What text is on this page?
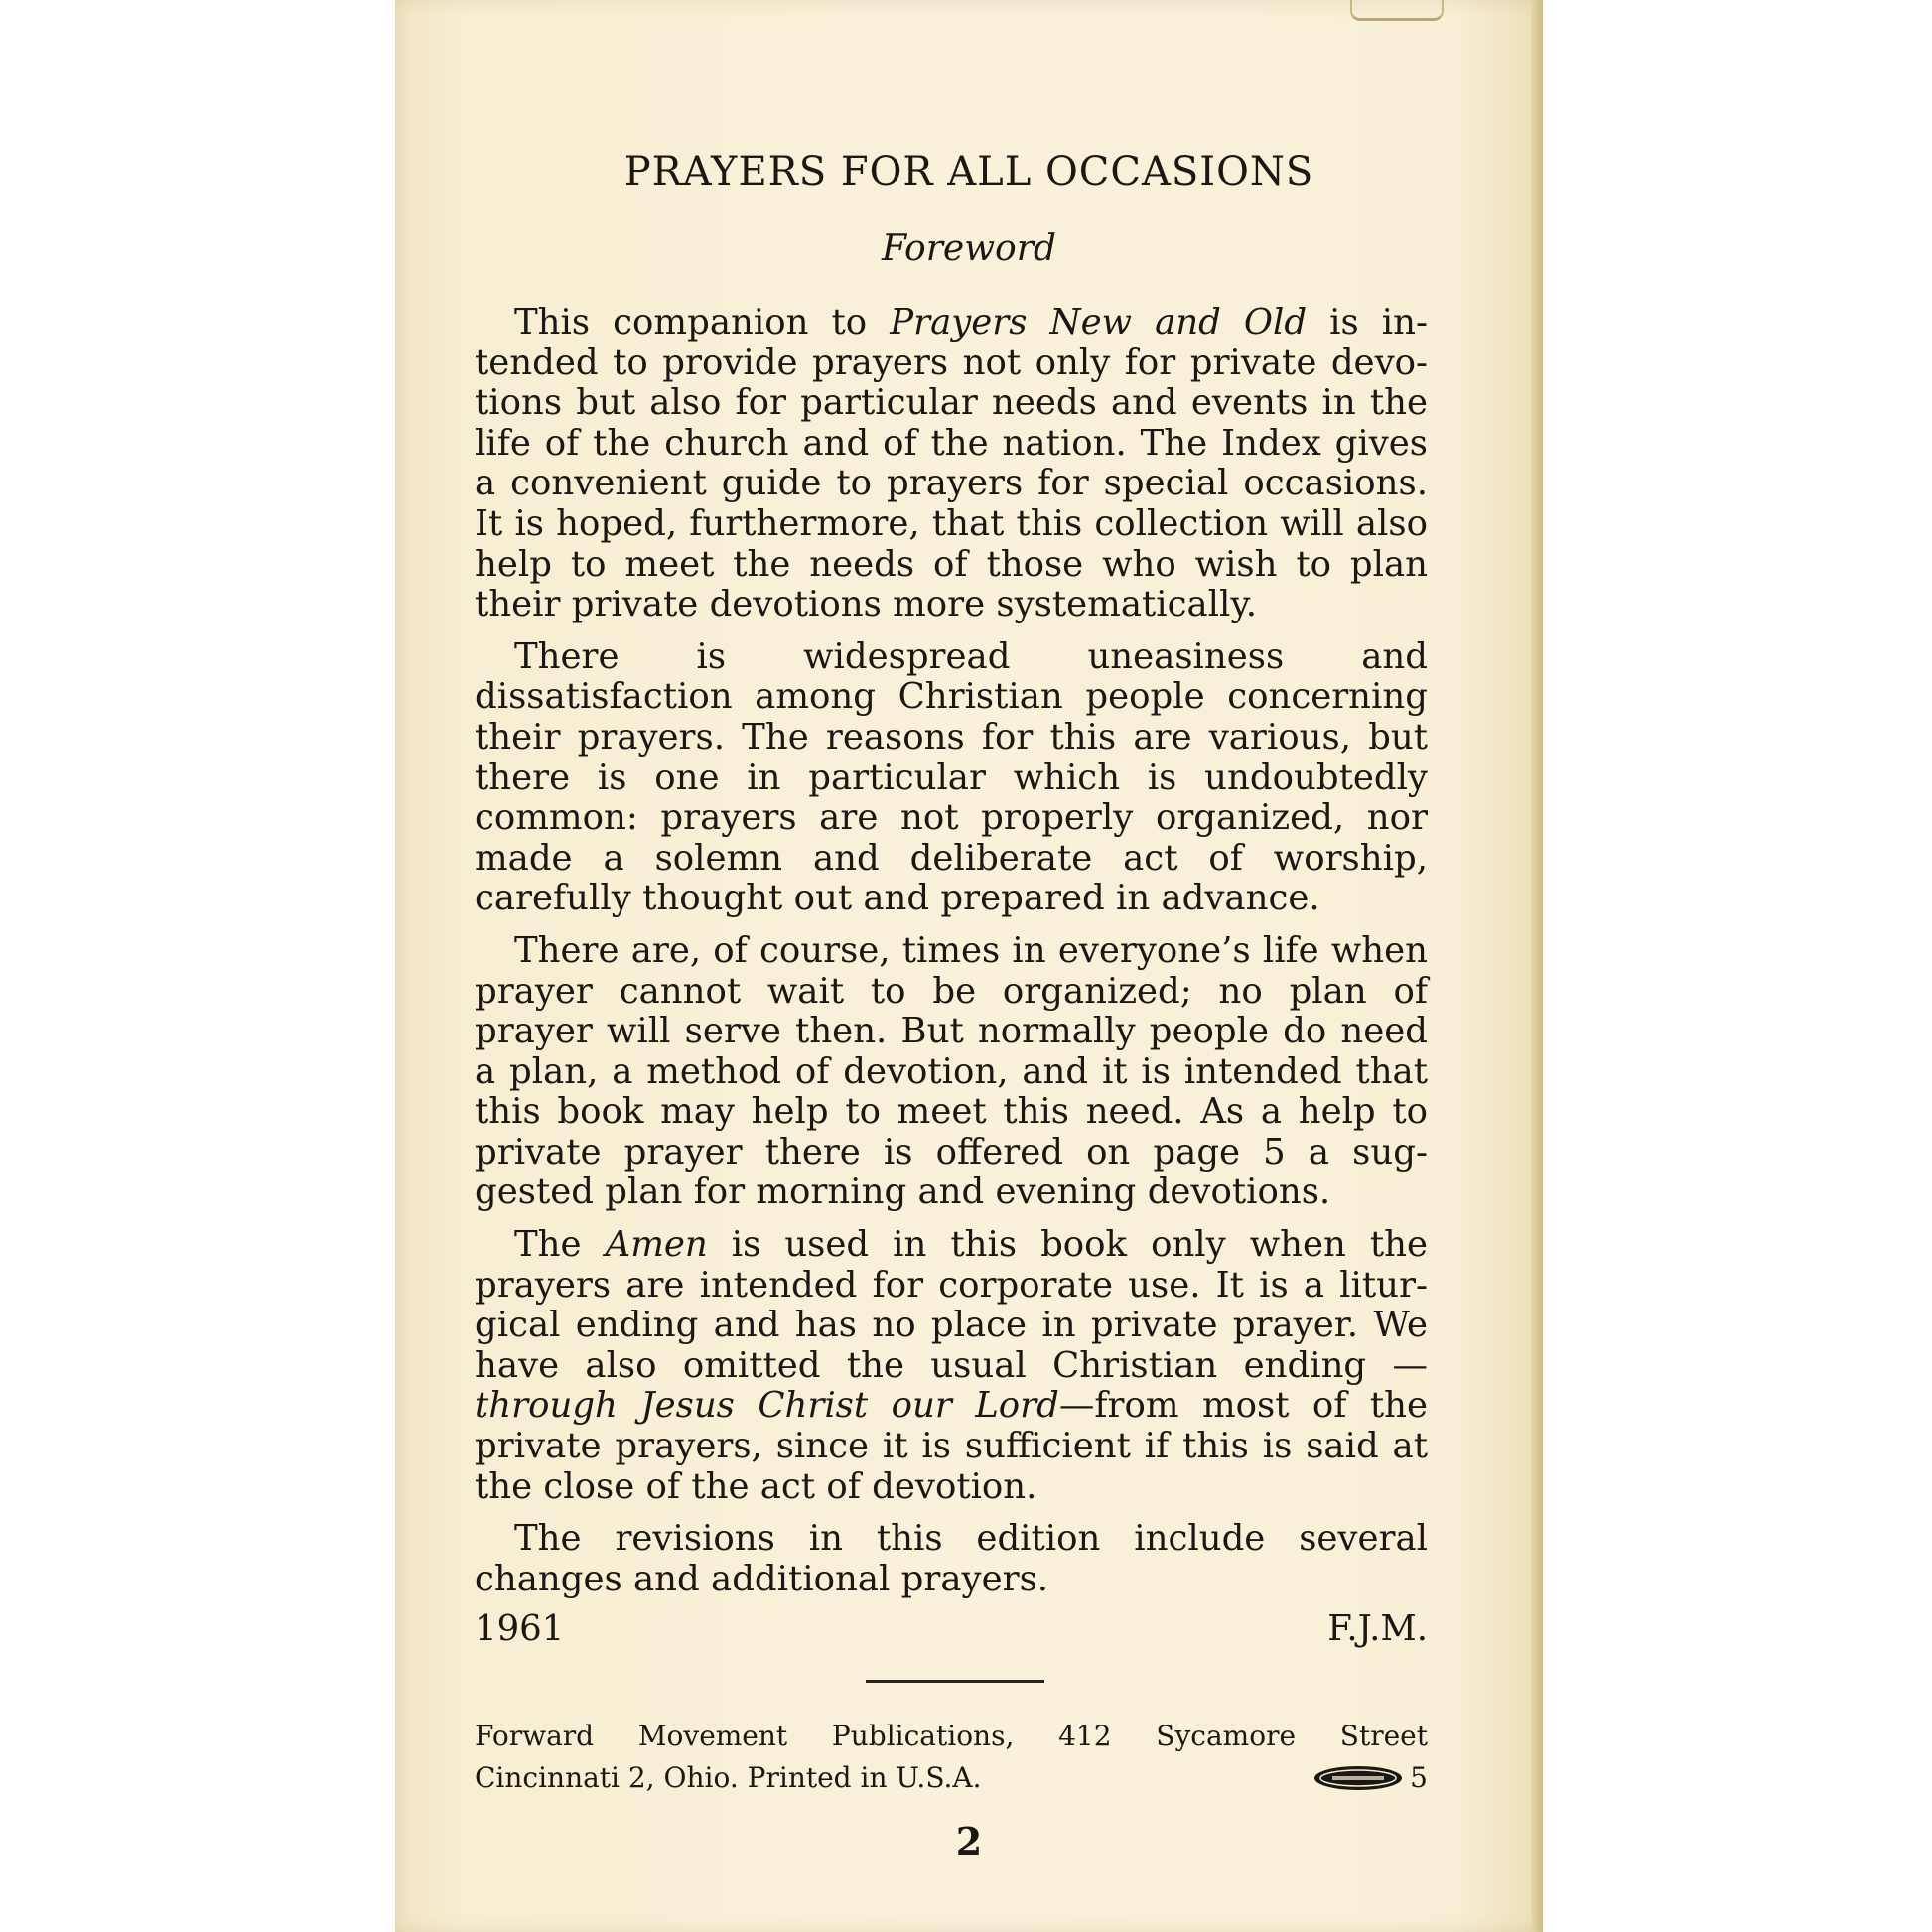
PRAYERS FOR ALL OCCASIONS
Foreword

This companion to Prayers New and Old is intended to provide prayers not only for private devotions but also for particular needs and events in the life of the church and of the nation. The Index gives a convenient guide to prayers for special occasions. It is hoped, furthermore, that this collection will also help to meet the needs of those who wish to plan their private devotions more systematically.

There is widespread uneasiness and dissatisfaction among Christian people concerning their prayers. The reasons for this are various, but there is one in particular which is undoubtedly common: prayers are not properly organized, nor made a solemn and deliberate act of worship, carefully thought out and prepared in advance.

There are, of course, times in everyone’s life when prayer cannot wait to be organized; no plan of prayer will serve then. But normally people do need a plan, a method of devotion, and it is intended that this book may help to meet this need. As a help to private prayer there is offered on page 5 a suggested plan for morning and evening devotions.

The Amen is used in this book only when the prayers are intended for corporate use. It is a liturgical ending and has no place in private prayer. We have also omitted the usual Christian ending —through Jesus Christ our Lord—from most of the private prayers, since it is sufficient if this is said at the close of the act of devotion.

The revisions in this edition include several changes and additional prayers.

1961	F.J.M.
Forward Movement Publications, 412 Sycamore Street
Cincinnati 2, Ohio. Printed in U.S.A.	5
2
